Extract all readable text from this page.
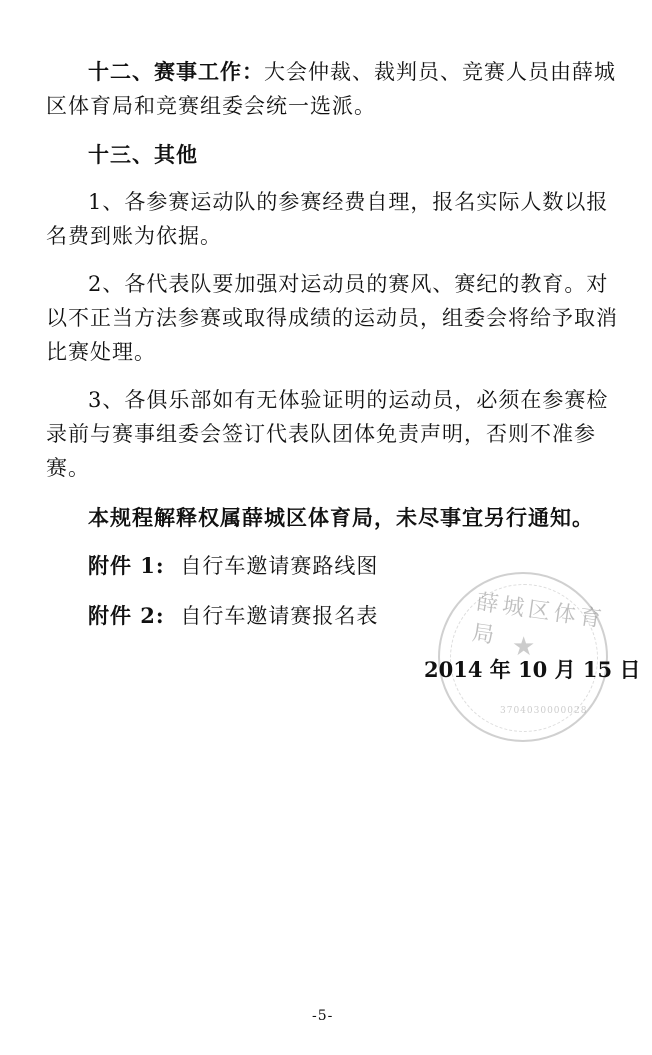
十二、赛事工作：大会仲裁、裁判员、竞赛人员由薛城
区体育局和竞赛组委会统一选派。
十三、其他
1、各参赛运动队的参赛经费自理，报名实际人数以报
名费到账为依据。
2、各代表队要加强对运动员的赛风、赛纪的教育。对
以不正当方法参赛或取得成绩的运动员，组委会将给予取消
比赛处理。
3、各俱乐部如有无体验证明的运动员，必须在参赛检
录前与赛事组委会签订代表队团体免责声明，否则不准参
赛。
本规程解释权属薛城区体育局，未尽事宜另行通知。
附件 1: 自行车邀请赛路线图
附件 2: 自行车邀请赛报名表	薛城区体育局 ★
3704030000028
2014 年 10 月 15 日
-5-
